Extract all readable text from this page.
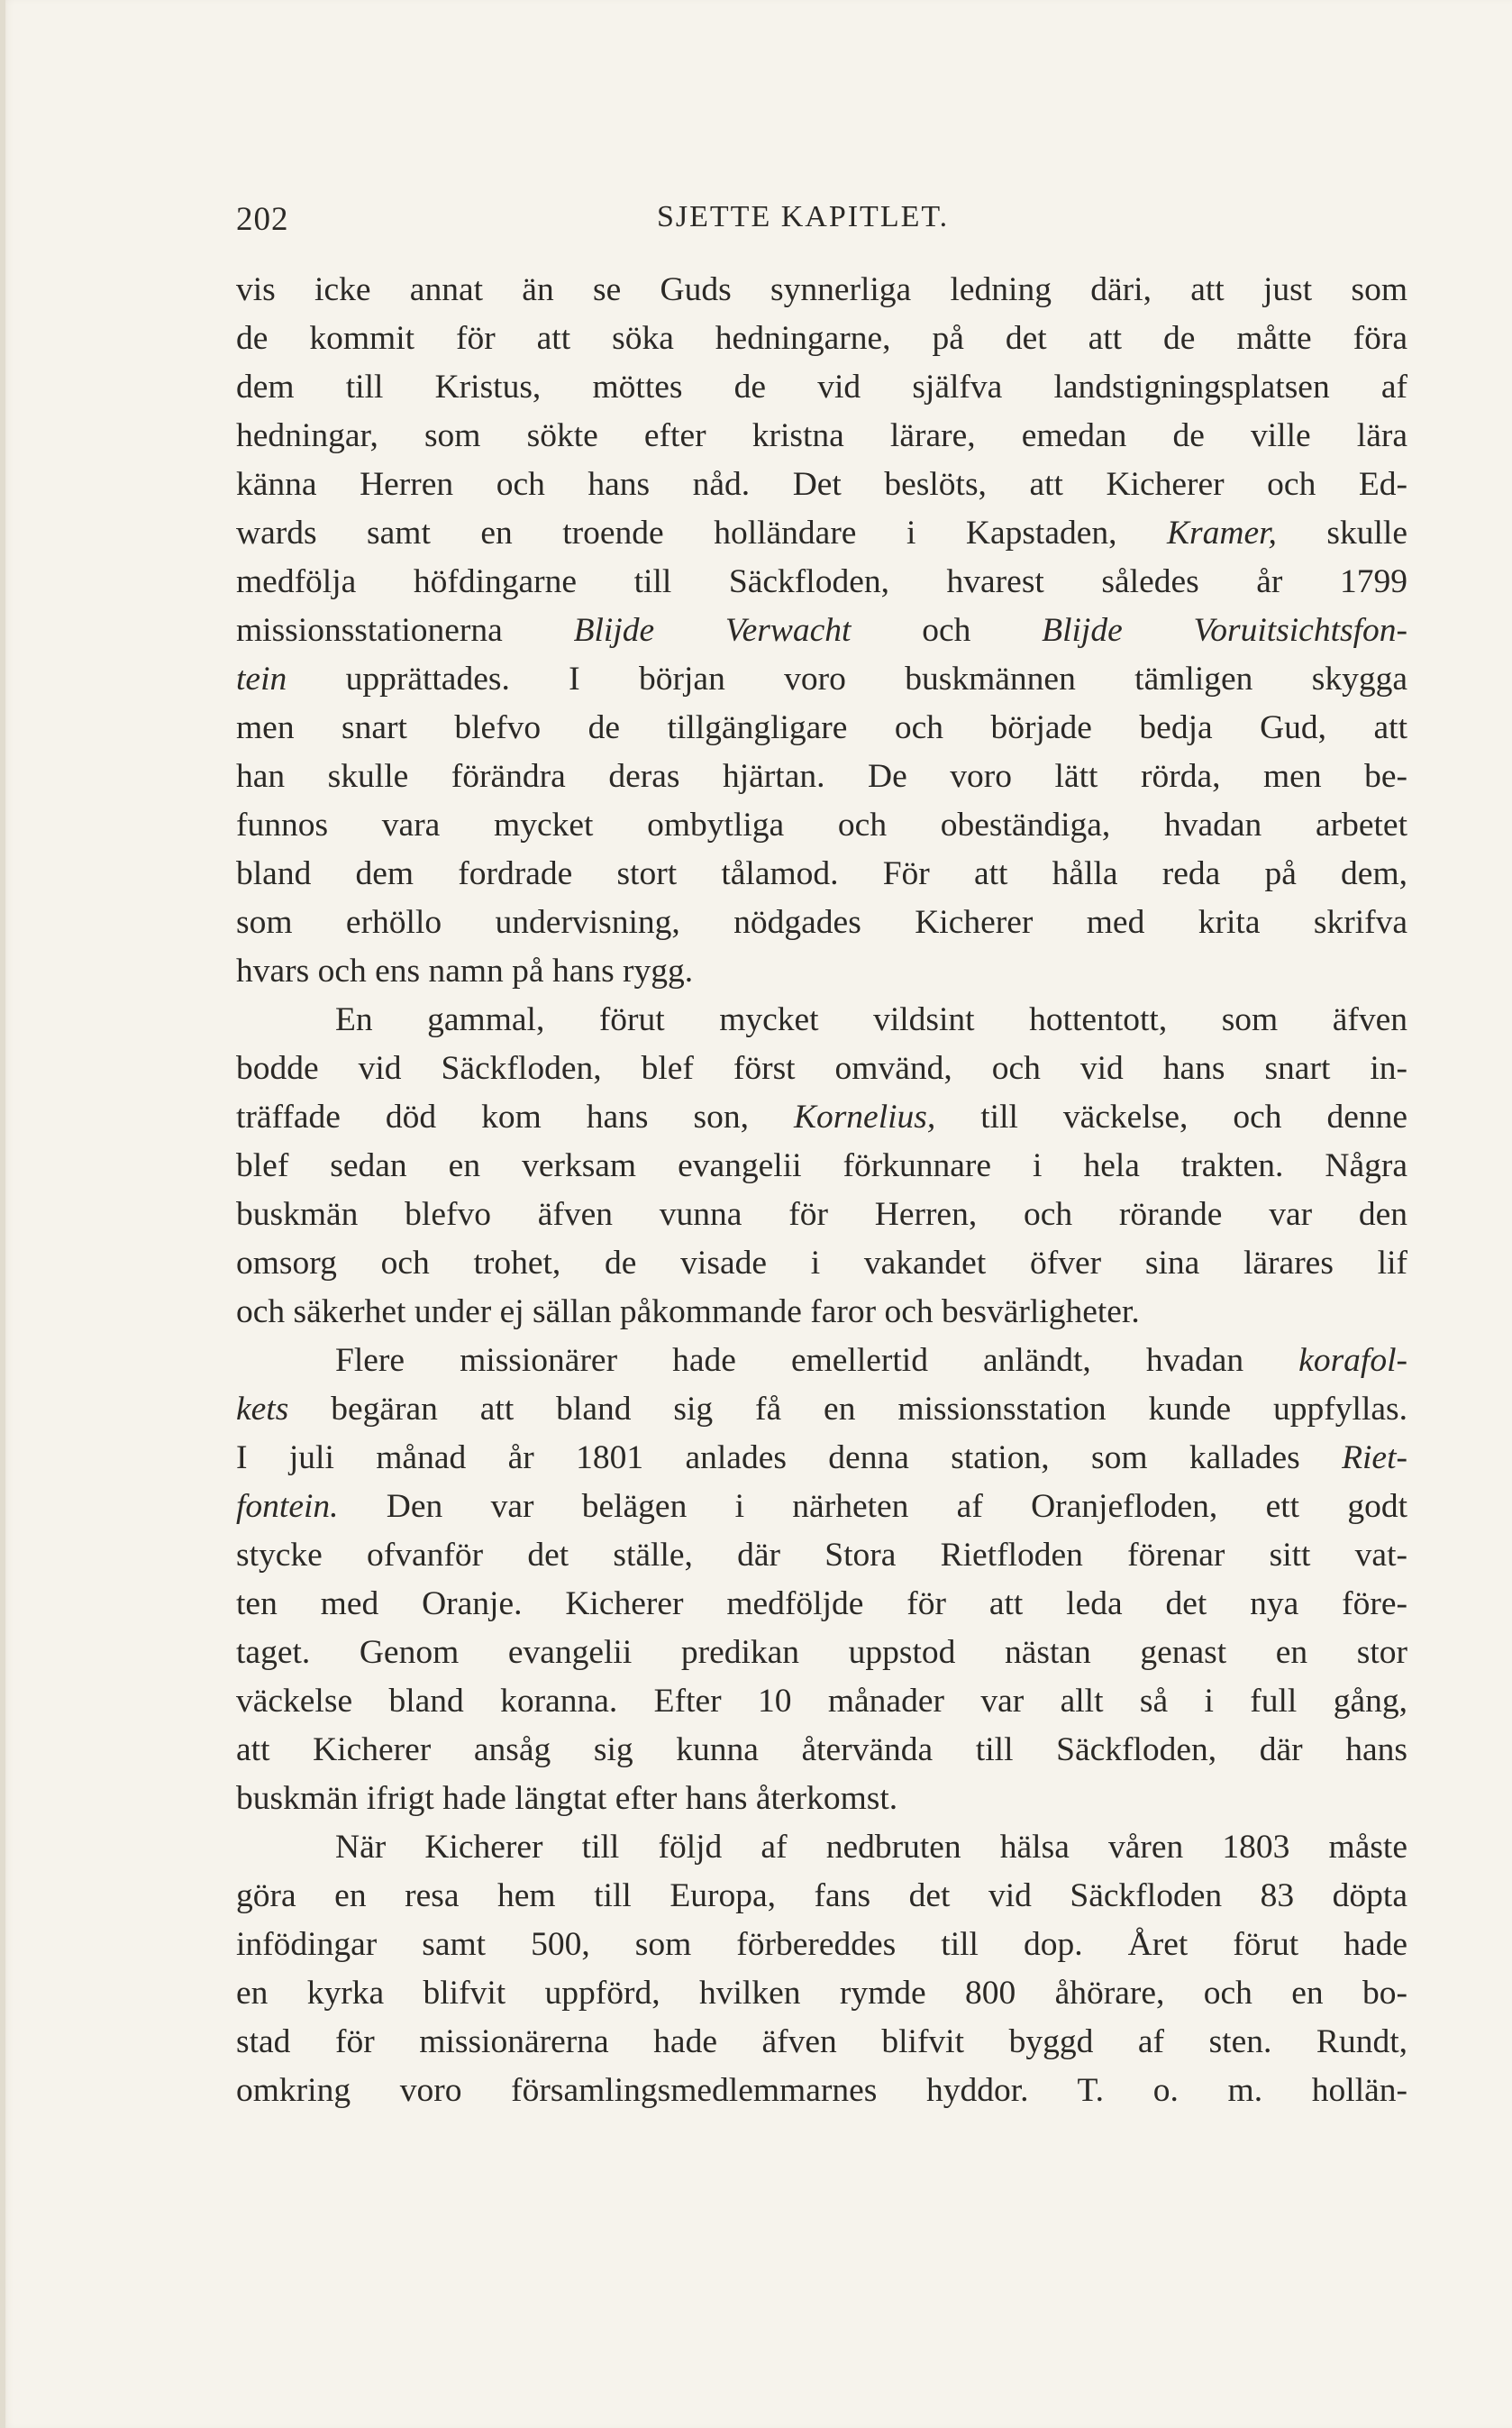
202	SJETTE KAPITLET.
vis icke annat än se Guds synnerliga ledning däri, att just som
de kommit för att söka hedningarne, på det att de måtte föra
dem till Kristus, möttes de vid själfva landstigningsplatsen af
hedningar, som sökte efter kristna lärare, emedan de ville lära
känna Herren och hans nåd. Det beslöts, att Kicherer och Ed-
wards samt en troende holländare i Kapstaden, Kramer, skulle
medfölja höfdingarne till Säckfloden, hvarest således år 1799
missionsstationerna Blijde Verwacht och Blijde Voruitsichtsfon-
tein upprättades. I början voro buskmännen tämligen skygga
men snart blefvo de tillgängligare och började bedja Gud, att
han skulle förändra deras hjärtan. De voro lätt rörda, men be-
funnos vara mycket ombytliga och obeständiga, hvadan arbetet
bland dem fordrade stort tålamod. För att hålla reda på dem,
som erhöllo undervisning, nödgades Kicherer med krita skrifva
hvars och ens namn på hans rygg.
En gammal, förut mycket vildsint hottentott, som äfven
bodde vid Säckfloden, blef först omvänd, och vid hans snart in-
träffade död kom hans son, Kornelius, till väckelse, och denne
blef sedan en verksam evangelii förkunnare i hela trakten. Några
buskmän blefvo äfven vunna för Herren, och rörande var den
omsorg och trohet, de visade i vakandet öfver sina lärares lif
och säkerhet under ej sällan påkommande faror och besvärligheter.
Flere missionärer hade emellertid anländt, hvadan korafol-
kets begäran att bland sig få en missionsstation kunde uppfyllas.
I juli månad år 1801 anlades denna station, som kallades Riet-
fontein. Den var belägen i närheten af Oranjefloden, ett godt
stycke ofvanför det ställe, där Stora Rietfloden förenar sitt vat-
ten med Oranje. Kicherer medföljde för att leda det nya före-
taget. Genom evangelii predikan uppstod nästan genast en stor
väckelse bland koranna. Efter 10 månader var allt så i full gång,
att Kicherer ansåg sig kunna återvända till Säckfloden, där hans
buskmän ifrigt hade längtat efter hans återkomst.
När Kicherer till följd af nedbruten hälsa våren 1803 måste
göra en resa hem till Europa, fans det vid Säckfloden 83 döpta
infödingar samt 500, som förbereddes till dop. Året förut hade
en kyrka blifvit uppförd, hvilken rymde 800 åhörare, och en bo-
stad för missionärerna hade äfven blifvit byggd af sten. Rundt,
omkring voro församlingsmedlemmarnes hyddor. T. o. m. hollän-
